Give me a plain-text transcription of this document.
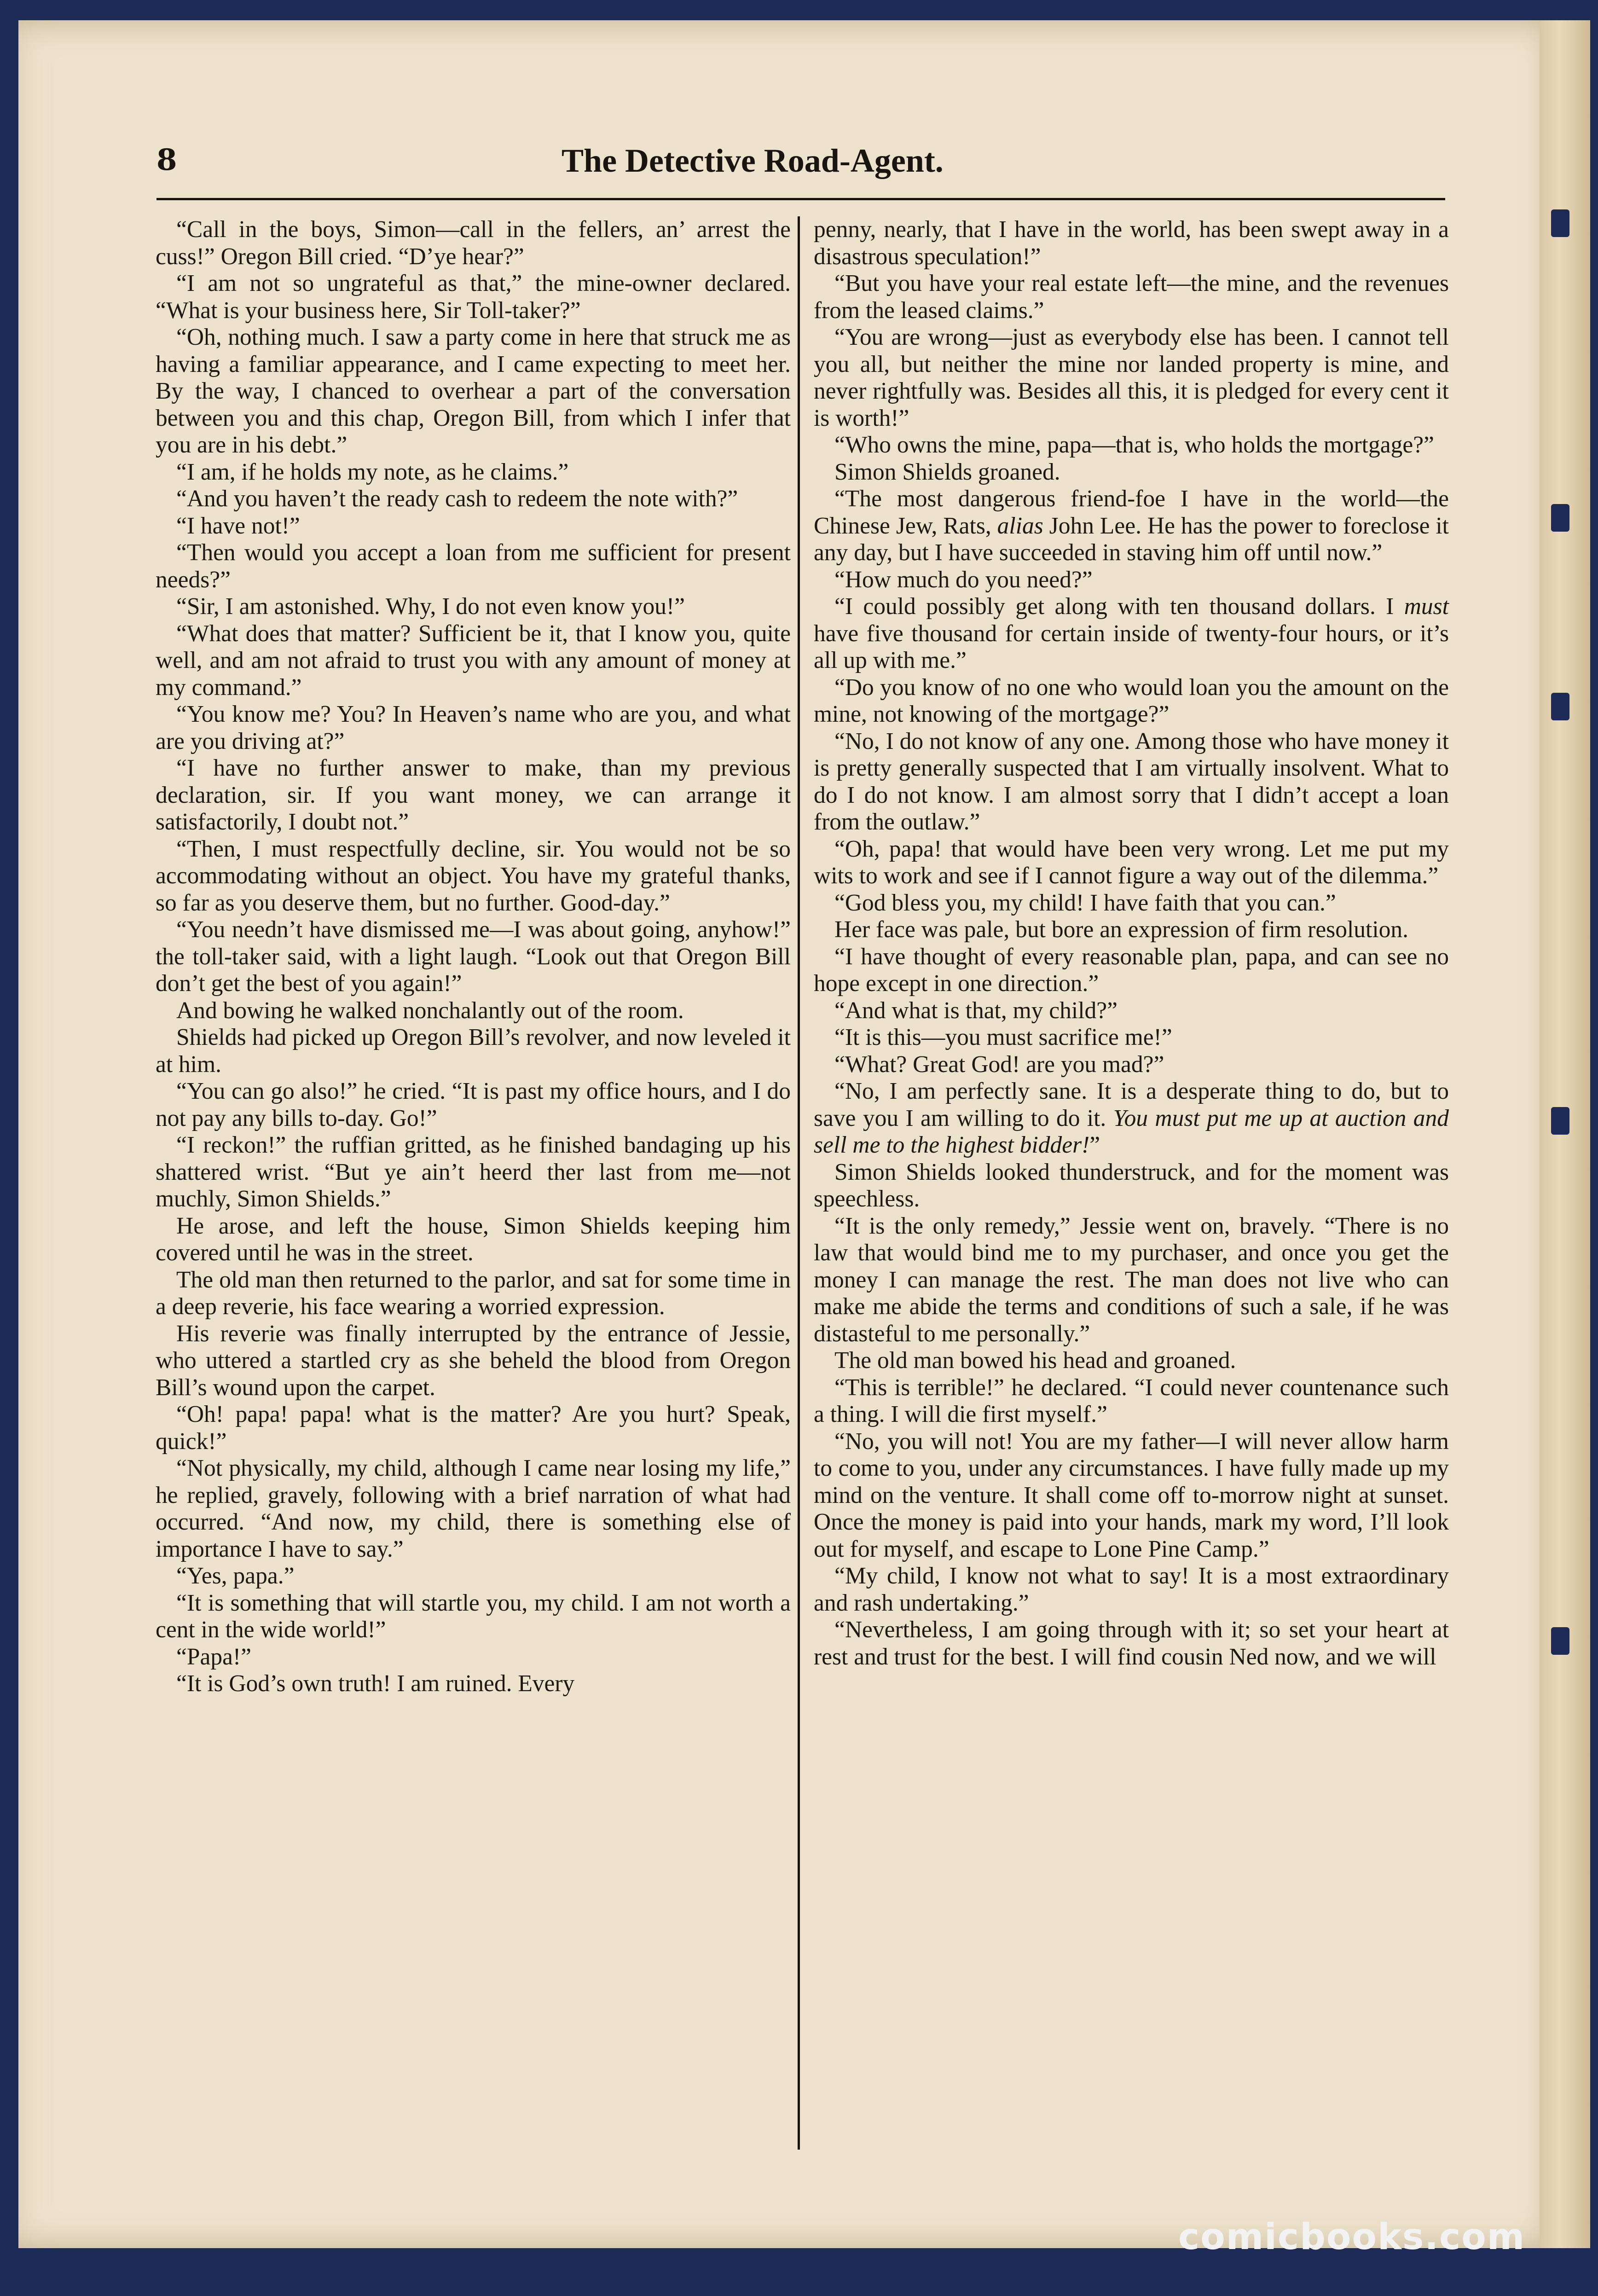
8	The Detective Road-Agent.

“Call in the boys, Simon—call in the fellers, an’ arrest the cuss!” Oregon Bill cried. “D’ye hear?”

“I am not so ungrateful as that,” the mine-owner declared. “What is your business here, Sir Toll-taker?”

“Oh, nothing much. I saw a party come in here that struck me as having a familiar appearance, and I came expecting to meet her. By the way, I chanced to overhear a part of the conversation between you and this chap, Oregon Bill, from which I infer that you are in his debt.”

“I am, if he holds my note, as he claims.”

“And you haven’t the ready cash to redeem the note with?”

“I have not!”

“Then would you accept a loan from me sufficient for present needs?”

“Sir, I am astonished. Why, I do not even know you!”

“What does that matter? Sufficient be it, that I know you, quite well, and am not afraid to trust you with any amount of money at my command.”

“You know me? You? In Heaven’s name who are you, and what are you driving at?”

“I have no further answer to make, than my previous declaration, sir. If you want money, we can arrange it satisfactorily, I doubt not.”

“Then, I must respectfully decline, sir. You would not be so accommodating without an object. You have my grateful thanks, so far as you deserve them, but no further. Good-day.”

“You needn’t have dismissed me—I was about going, anyhow!” the toll-taker said, with a light laugh. “Look out that Oregon Bill don’t get the best of you again!”

And bowing he walked nonchalantly out of the room.

Shields had picked up Oregon Bill’s revolver, and now leveled it at him.

“You can go also!” he cried. “It is past my office hours, and I do not pay any bills to-day. Go!”

“I reckon!” the ruffian gritted, as he finished bandaging up his shattered wrist. “But ye ain’t heerd ther last from me—not muchly, Simon Shields.”

He arose, and left the house, Simon Shields keeping him covered until he was in the street.

The old man then returned to the parlor, and sat for some time in a deep reverie, his face wearing a worried expression.

His reverie was finally interrupted by the entrance of Jessie, who uttered a startled cry as she beheld the blood from Oregon Bill’s wound upon the carpet.

“Oh! papa! papa! what is the matter? Are you hurt? Speak, quick!”

“Not physically, my child, although I came near losing my life,” he replied, gravely, following with a brief narration of what had occurred. “And now, my child, there is something else of importance I have to say.”

“Yes, papa.”

“It is something that will startle you, my child. I am not worth a cent in the wide world!”

“Papa!”

“It is God’s own truth! I am ruined. Every

penny, nearly, that I have in the world, has been swept away in a disastrous speculation!”

“But you have your real estate left—the mine, and the revenues from the leased claims.”

“You are wrong—just as everybody else has been. I cannot tell you all, but neither the mine nor landed property is mine, and never rightfully was. Besides all this, it is pledged for every cent it is worth!”

“Who owns the mine, papa—that is, who holds the mortgage?”

Simon Shields groaned.

“The most dangerous friend-foe I have in the world—the Chinese Jew, Rats, alias John Lee. He has the power to foreclose it any day, but I have succeeded in staving him off until now.”

“How much do you need?”

“I could possibly get along with ten thousand dollars. I must have five thousand for certain inside of twenty-four hours, or it’s all up with me.”

“Do you know of no one who would loan you the amount on the mine, not knowing of the mortgage?”

“No, I do not know of any one. Among those who have money it is pretty generally suspected that I am virtually insolvent. What to do I do not know. I am almost sorry that I didn’t accept a loan from the outlaw.”

“Oh, papa! that would have been very wrong. Let me put my wits to work and see if I cannot figure a way out of the dilemma.”

“God bless you, my child! I have faith that you can.”

Her face was pale, but bore an expression of firm resolution.

“I have thought of every reasonable plan, papa, and can see no hope except in one direction.”

“And what is that, my child?”

“It is this—you must sacrifice me!”

“What? Great God! are you mad?”

“No, I am perfectly sane. It is a desperate thing to do, but to save you I am willing to do it. You must put me up at auction and sell me to the highest bidder!”

Simon Shields looked thunderstruck, and for the moment was speechless.

“It is the only remedy,” Jessie went on, bravely. “There is no law that would bind me to my purchaser, and once you get the money I can manage the rest. The man does not live who can make me abide the terms and conditions of such a sale, if he was distasteful to me personally.”

The old man bowed his head and groaned.

“This is terrible!” he declared. “I could never countenance such a thing. I will die first myself.”

“No, you will not! You are my father—I will never allow harm to come to you, under any circumstances. I have fully made up my mind on the venture. It shall come off to-morrow night at sunset. Once the money is paid into your hands, mark my word, I’ll look out for myself, and escape to Lone Pine Camp.”

“My child, I know not what to say! It is a most extraordinary and rash undertaking.”

“Nevertheless, I am going through with it; so set your heart at rest and trust for the best. I will find cousin Ned now, and we will

comicbooks.com
